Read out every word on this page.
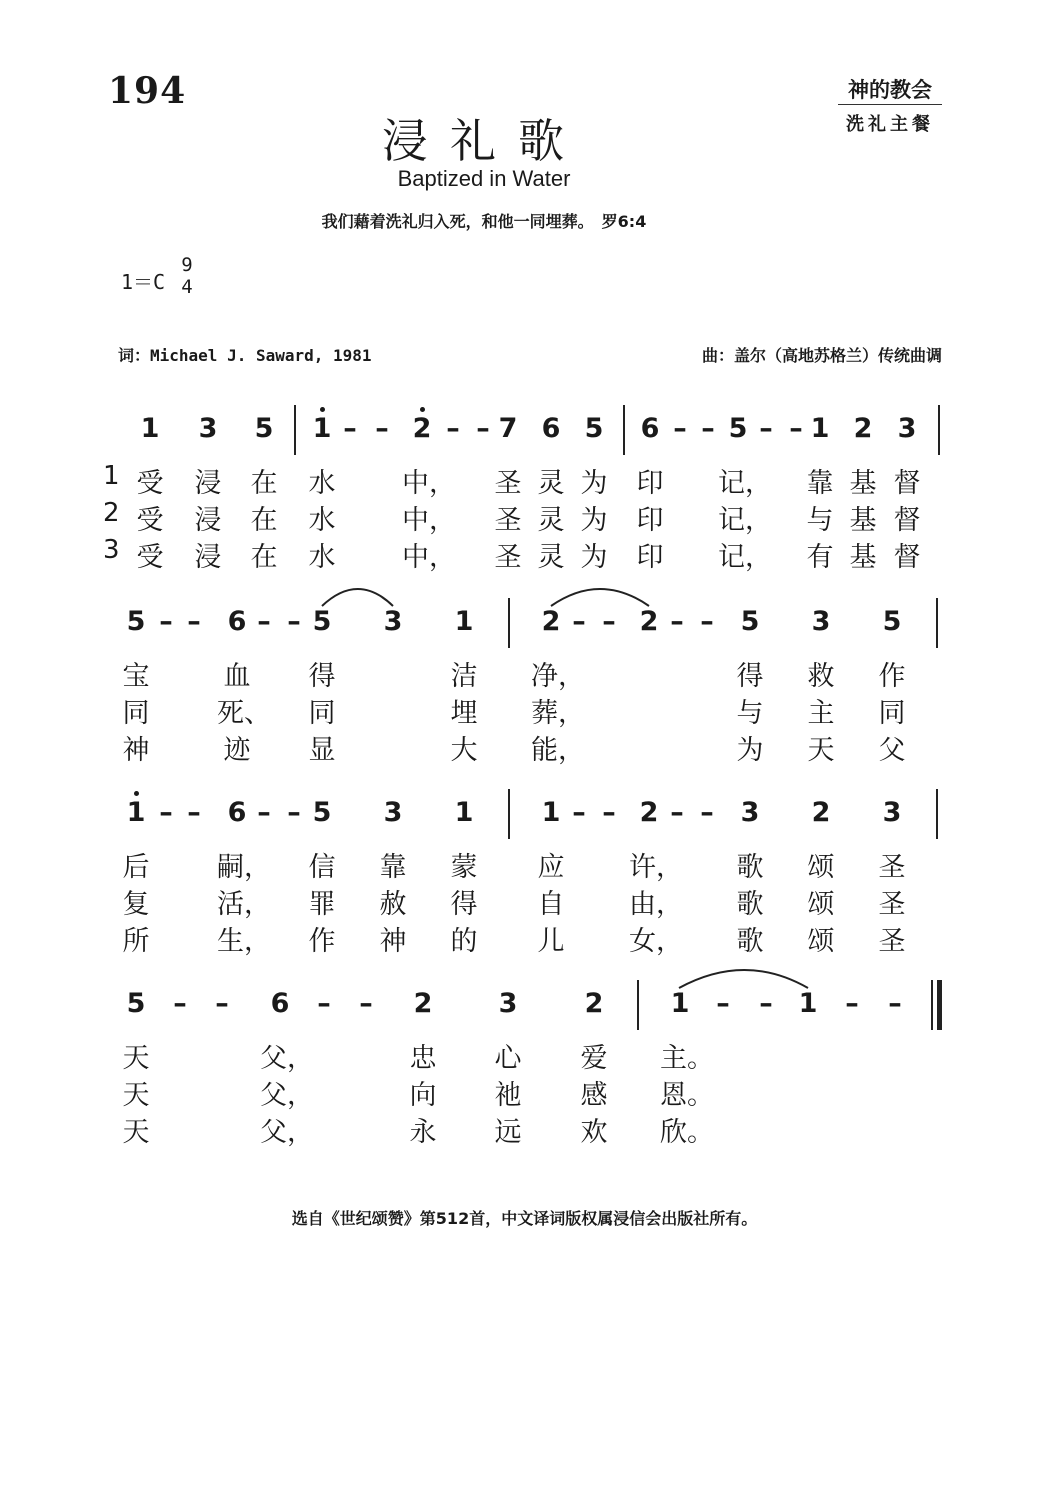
194	神的教会
洗礼主餐
浸礼歌
Baptized in Water
我们藉着洗礼归入死，和他一同埋葬。　罗6:4
1＝C
9
4
词：Michael J. Saward, 1981	曲：盖尔（高地苏格兰）传统曲调
1	3	5	1 – – 2 – – 7 6 5	6 – – 5 – – 1 2 3
1 受 浸 在 水 中， 圣 灵 为 印 记， 靠 基 督
2 受 浸 在 水 中， 圣 灵 为 印 记， 与 基 督
3 受 浸 在 水 中， 圣 灵 为 印 记， 有 基 督
5 – – 6 – – 5	3	1	2 – – 2 – – 5	3	5
宝	血 得	洁 净，	得 救 作
同	死、 同	埋 葬，	与 主 同
神	迹 显	大 能，	为 天 父
1 – – 6 – – 5	3	1	1 – – 2 – – 3	2	3
后	嗣， 信 靠 蒙 应 许， 歌 颂 圣
复	活， 罪 赦 得 自 由， 歌 颂 圣
所	生， 作 神 的 儿 女， 歌 颂 圣
5	–	–	6	–	–	2	3	2	1 –	– 1	–	–
天	父，	忠 心 爱 主。
天	父，	向 祂 感 恩。
天	父，	永 远 欢 欣。
选自《世纪颂赞》第512首，中文译词版权属浸信会出版社所有。
